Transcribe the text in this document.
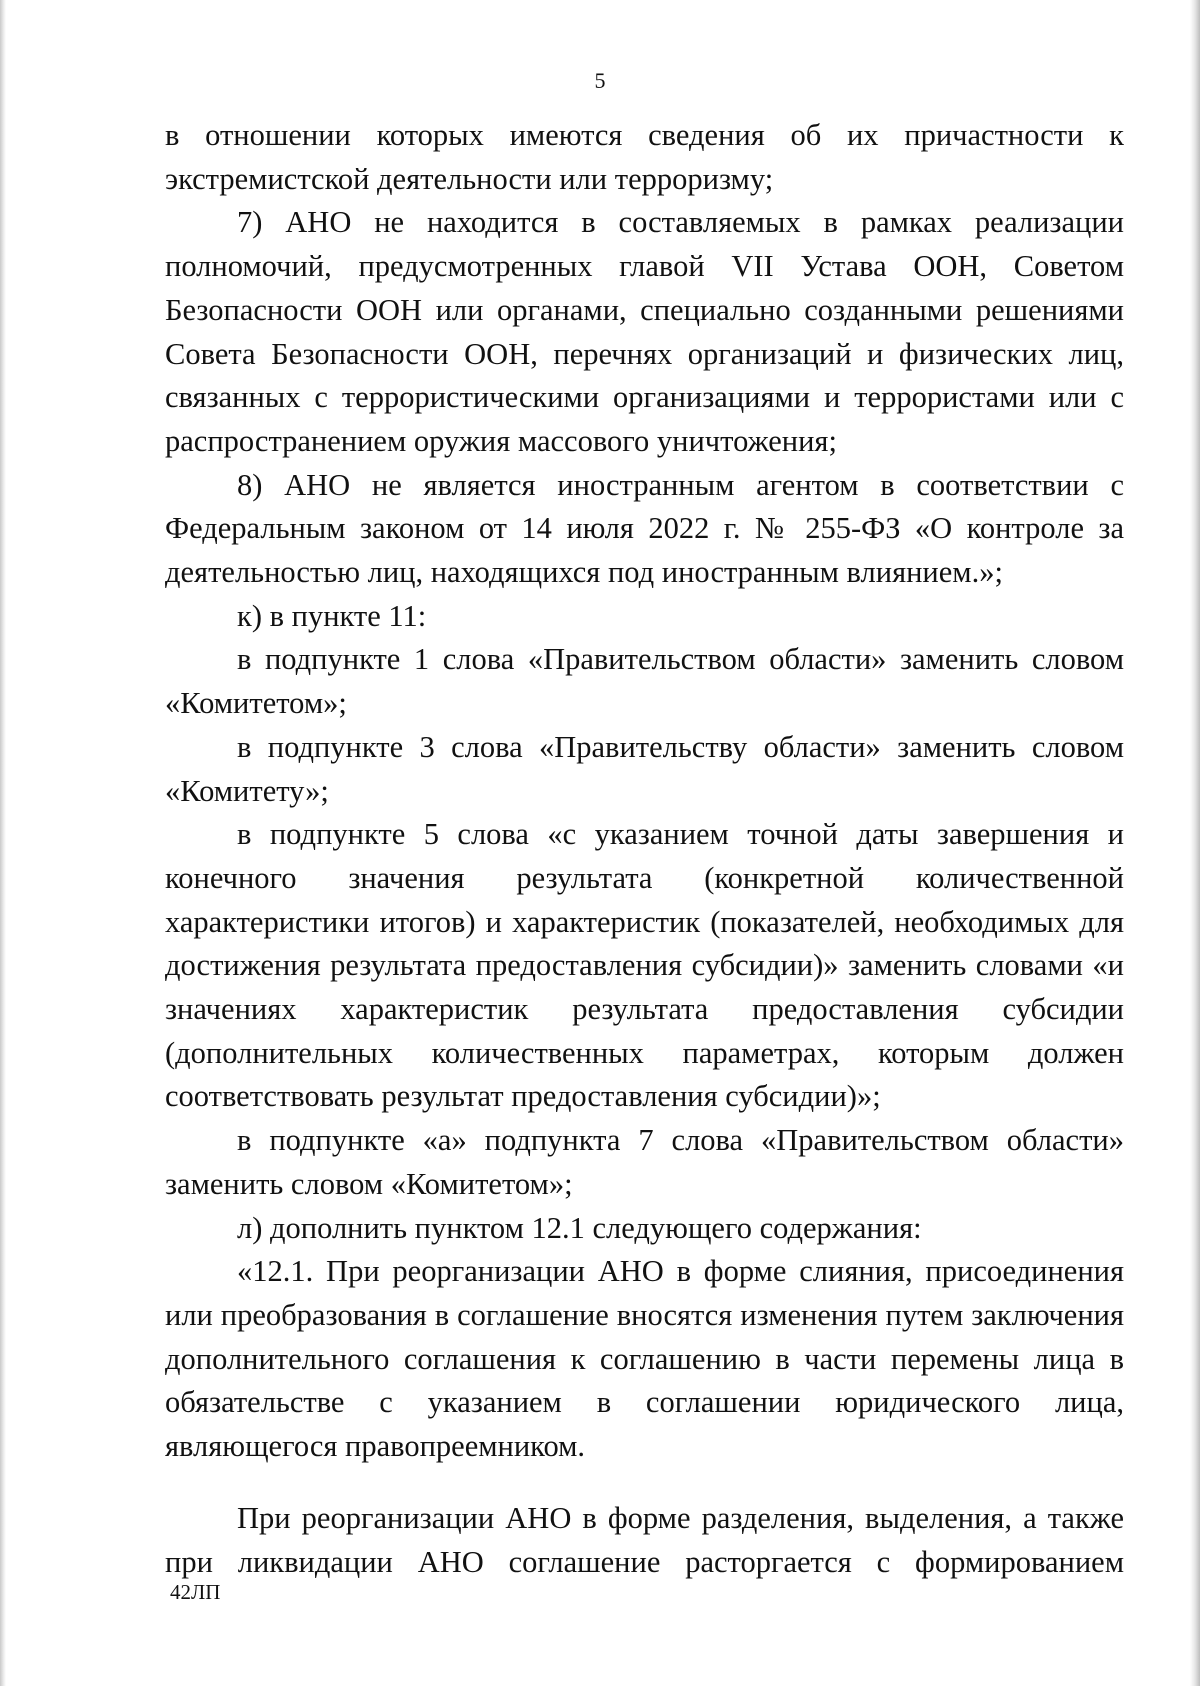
5

в отношении которых имеются сведения об их причастности к экстремистской деятельности или терроризму;

7) АНО не находится в составляемых в рамках реализации полномочий, предусмотренных главой VII Устава ООН, Советом Безопасности ООН или органами, специально созданными решениями Совета Безопасности ООН, перечнях организаций и физических лиц, связанных с террористическими организациями и террористами или с распространением оружия массового уничтожения;

8) АНО не является иностранным агентом в соответствии с Федеральным законом от 14 июля 2022 г. № 255-ФЗ «О контроле за деятельностью лиц, находящихся под иностранным влиянием.»;

к) в пункте 11:

в подпункте 1 слова «Правительством области» заменить словом «Комитетом»;

в подпункте 3 слова «Правительству области» заменить словом «Комитету»;

в подпункте 5 слова «с указанием точной даты завершения и конечного значения результата (конкретной количественной характеристики итогов) и характеристик (показателей, необходимых для достижения результата предоставления субсидии)» заменить словами «и значениях характеристик результата предоставления субсидии (дополнительных количественных параметрах, которым должен соответствовать результат предоставления субсидии)»;

в подпункте «а» подпункта 7 слова «Правительством области» заменить словом «Комитетом»;

л) дополнить пунктом 12.1 следующего содержания:

«12.1. При реорганизации АНО в форме слияния, присоединения или преобразования в соглашение вносятся изменения путем заключения дополнительного соглашения к соглашению в части перемены лица в обязательстве с указанием в соглашении юридического лица, являющегося правопреемником.

При реорганизации АНО в форме разделения, выделения, а также при ликвидации АНО соглашение расторгается с формированием

42ЛП
